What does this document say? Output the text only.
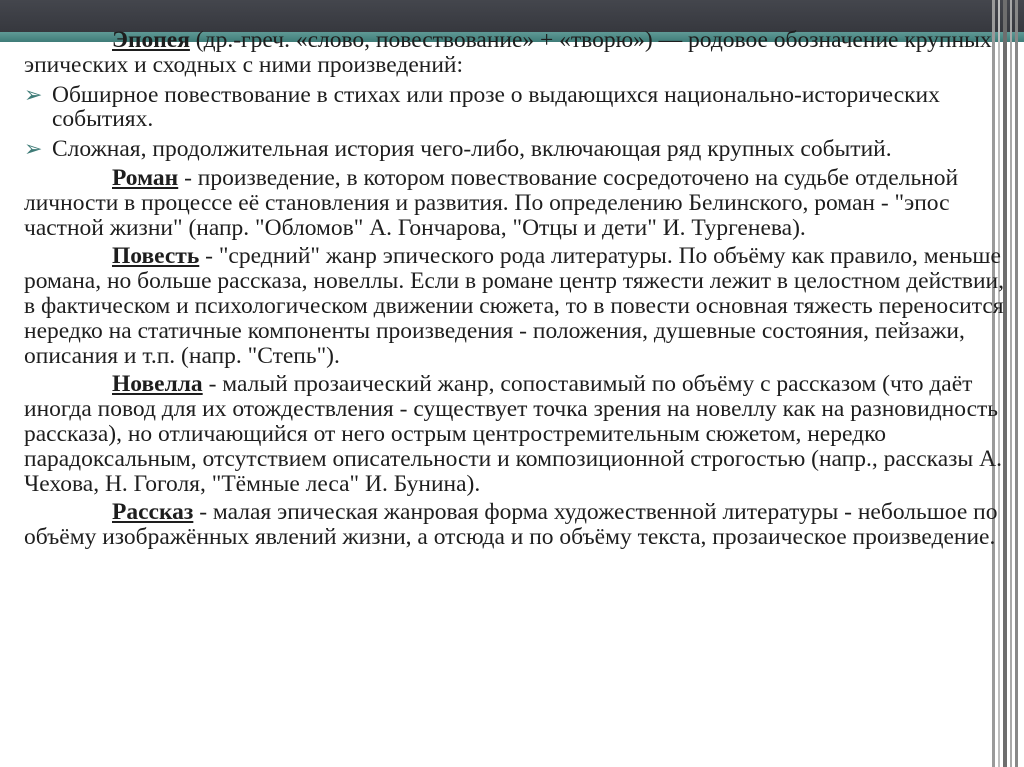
Эпопея (др.-греч. «слово, повествование» + «творю») — родовое обозначение крупных эпических и сходных с ними произведений:

➢ Обширное повествование в стихах или прозе о выдающихся национально-исторических событиях.

➢ Сложная, продолжительная история чего-либо, включающая ряд крупных событий.

Роман - произведение, в котором повествование сосредоточено на судьбе отдельной личности в процессе её становления и развития. По определению Белинского, роман - "эпос частной жизни" (напр. "Обломов" А. Гончарова, "Отцы и дети" И. Тургенева).

Повесть - "средний" жанр эпического рода литературы. По объёму как правило, меньше романа, но больше рассказа, новеллы. Если в романе центр тяжести лежит в целостном действии, в фактическом и психологическом движении сюжета, то в повести основная тяжесть переносится нередко на статичные компоненты произведения - положения, душевные состояния, пейзажи, описания и т.п. (напр. "Степь").

Новелла - малый прозаический жанр, сопоставимый по объёму с рассказом (что даёт иногда повод для их отождествления - существует точка зрения на новеллу как на разновидность рассказа), но отличающийся от него острым центростремительным сюжетом, нередко парадоксальным, отсутствием описательности и композиционной строгостью (напр., рассказы А. Чехова, Н. Гоголя, "Тёмные леса" И. Бунина).

Рассказ - малая эпическая жанровая форма художественной литературы - небольшое по объёму изображённых явлений жизни, а отсюда и по объёму текста, прозаическое произведение.
